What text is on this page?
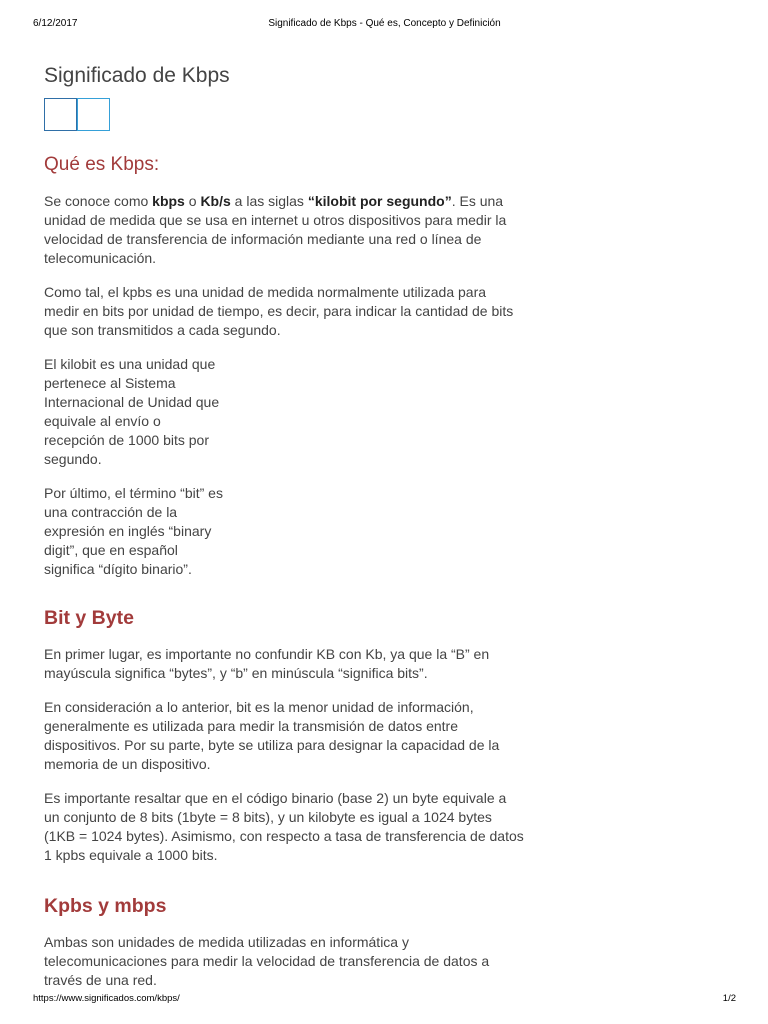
6/12/2017	Significado de Kbps - Qué es, Concepto y Definición
Significado de Kbps
Qué es Kbps:

Se conoce como kbps o Kb/s a las siglas “kilobit por segundo”. Es una unidad de medida que se usa en internet u otros dispositivos para medir la velocidad de transferencia de información mediante una red o línea de telecomunicación.

Como tal, el kpbs es una unidad de medida normalmente utilizada para medir en bits por unidad de tiempo, es decir, para indicar la cantidad de bits que son transmitidos a cada segundo.

El kilobit es una unidad que pertenece al Sistema Internacional de Unidad que equivale al envío o recepción de 1000 bits por segundo.

Por último, el término “bit” es una contracción de la expresión en inglés “binary digit”, que en español significa “dígito binario”.

Bit y Byte

En primer lugar, es importante no confundir KB con Kb, ya que la “B” en mayúscula significa “bytes”, y “b” en minúscula “significa bits”.

En consideración a lo anterior, bit es la menor unidad de información, generalmente es utilizada para medir la transmisión de datos entre dispositivos. Por su parte, byte se utiliza para designar la capacidad de la memoria de un dispositivo.

Es importante resaltar que en el código binario (base 2) un byte equivale a un conjunto de 8 bits (1byte = 8 bits), y un kilobyte es igual a 1024 bytes (1KB = 1024 bytes). Asimismo, con respecto a tasa de transferencia de datos 1 kpbs equivale a 1000 bits.

Kpbs y mbps

Ambas son unidades de medida utilizadas en informática y telecomunicaciones para medir la velocidad de transferencia de datos a través de una red.

https://www.significados.com/kbps/	1/2
